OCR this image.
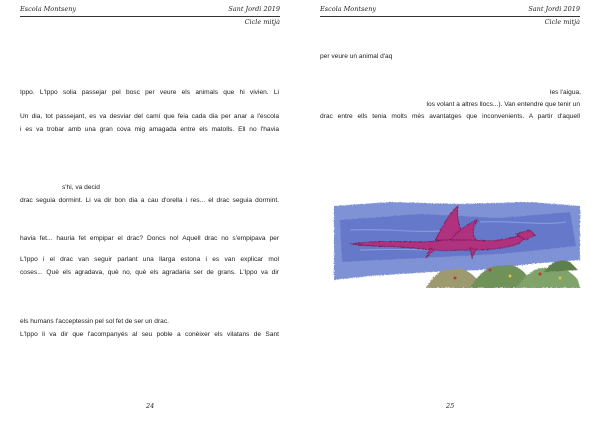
Escola Montseny	Sant Jordi 2019
Cicle mitjà
Ippo. L'Ippo solia passejar pel bosc per veure els animals que hi vivien. Li
Un dia, tot passejant, es va desviar del camí que feia cada dia per anar a l'escola
i es va trobar amb una gran cova mig amagada entre els matolls. Ell no l'havia
s'hi, va decid
drac seguia dormint. Li va dir bon dia a cau d'orella i res... el drac seguia dormint.
havia fet... hauria fet empipar el drac? Doncs no! Aquell drac no s'empipava per
L'Ippo i el drac van seguir parlant una llarga estona i es van explicar mol
coses... Què els agradava, què no, què els agradaria ser de grans. L'Ippo va dir
els humans l'acceptessin pel sol fet de ser un drac.
L'Ippo li va dir que l'acompanyés al seu poble a conèixer els vilatans de Sant
24
Escola Montseny	Sant Jordi 2019
Cicle mitjà
per veure un animal d'aq
les l'aigua,
los volant a altres llocs...). Van entendre que tenir un
drac entre ells tenia molts més avantatges que inconvenients. A partir d'aquell
25
